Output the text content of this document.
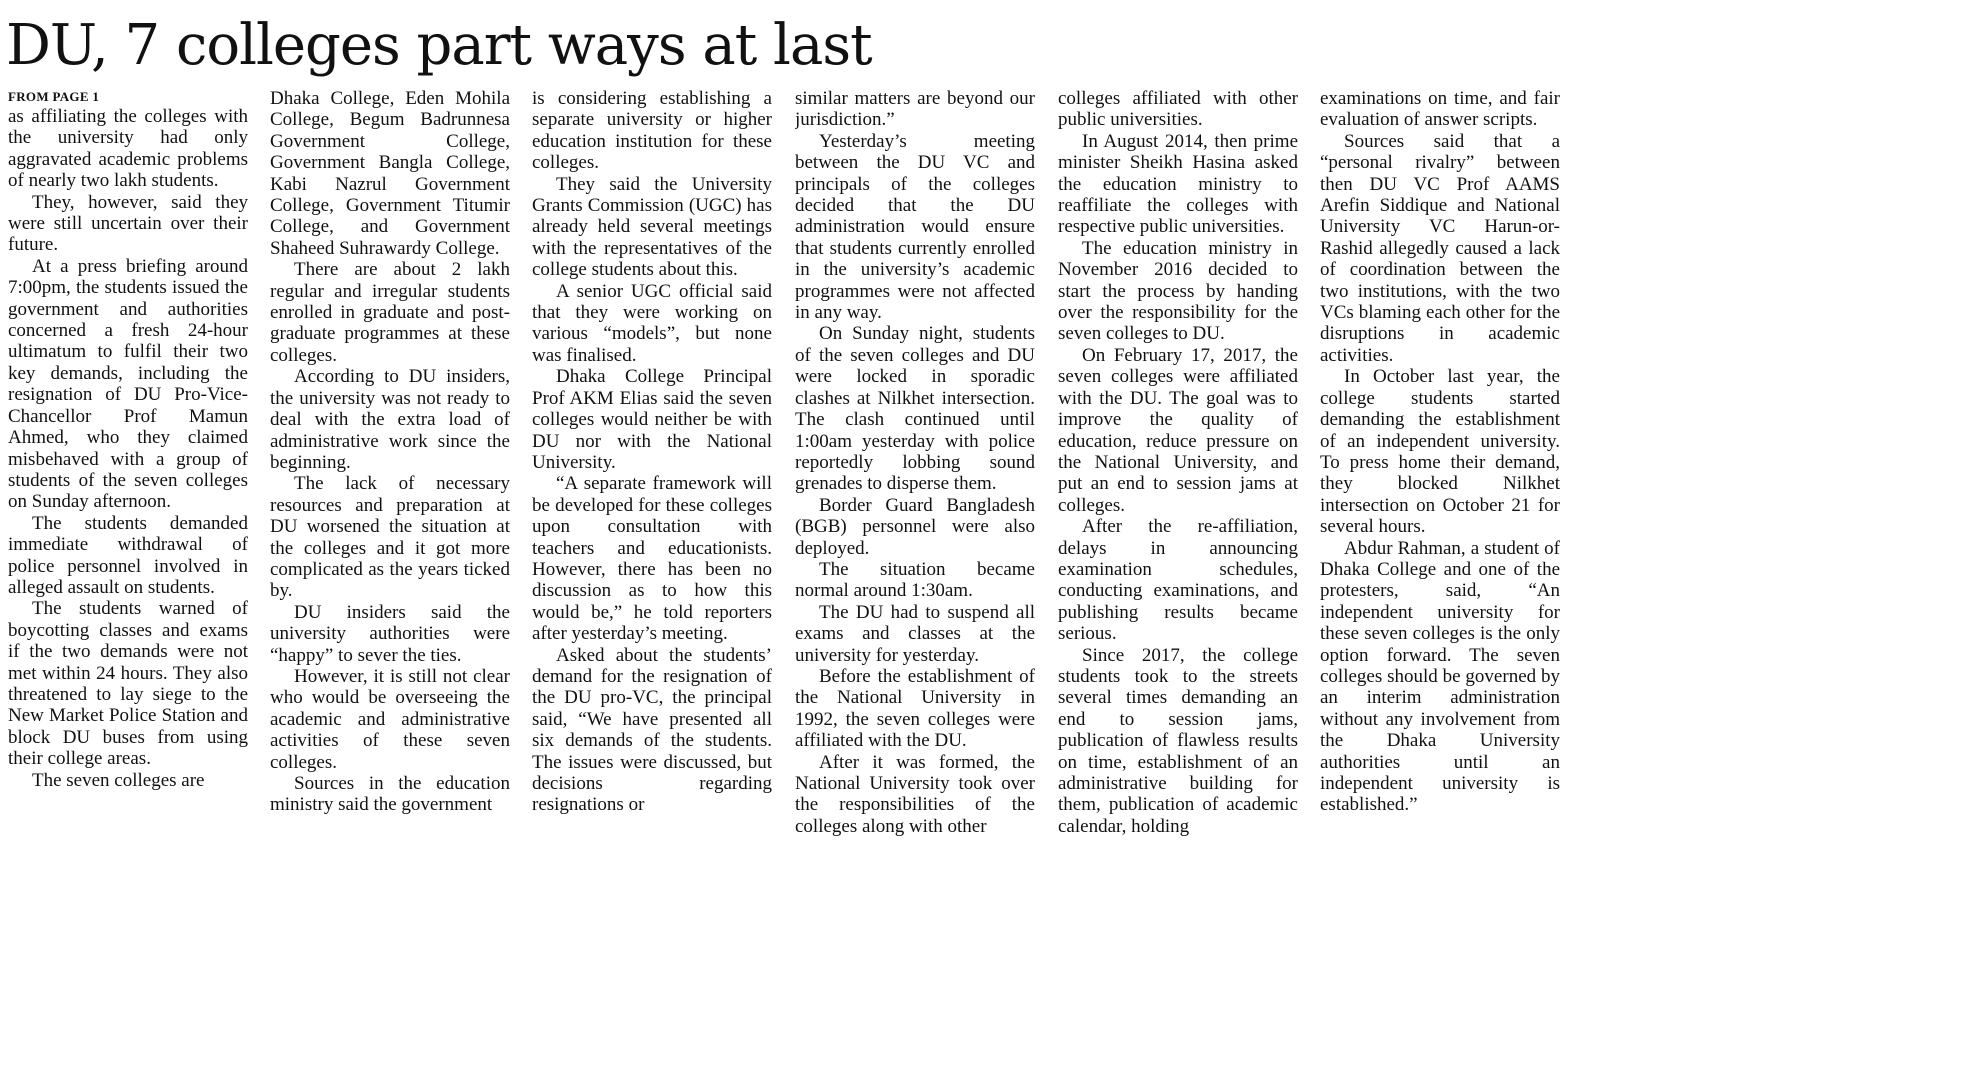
DU, 7 colleges part ways at last
FROM PAGE 1

as affiliating the colleges with the university had only aggravated academic problems of nearly two lakh students.

They, however, said they were still uncertain over their future.

At a press briefing around 7:00pm, the students issued the government and authorities concerned a fresh 24-hour ultimatum to fulfil their two key demands, including the resignation of DU Pro-Vice-Chancellor Prof Mamun Ahmed, who they claimed misbehaved with a group of students of the seven colleges on Sunday afternoon.

The students demanded immediate withdrawal of police personnel involved in alleged assault on students.

The students warned of boycotting classes and exams if the two demands were not met within 24 hours. They also threatened to lay siege to the New Market Police Station and block DU buses from using their college areas.

The seven colleges are

Dhaka College, Eden Mohila College, Begum Badrunnesa Government College, Government Bangla College, Kabi Nazrul Government College, Government Titumir College, and Government Shaheed Suhrawardy College.

There are about 2 lakh regular and irregular students enrolled in graduate and post-graduate programmes at these colleges.

According to DU insiders, the university was not ready to deal with the extra load of administrative work since the beginning.

The lack of necessary resources and preparation at DU worsened the situation at the colleges and it got more complicated as the years ticked by.

DU insiders said the university authorities were “happy” to sever the ties.

However, it is still not clear who would be overseeing the academic and administrative activities of these seven colleges.

Sources in the education ministry said the government

is considering establishing a separate university or higher education institution for these colleges.

They said the University Grants Commission (UGC) has already held several meetings with the representatives of the college students about this.

A senior UGC official said that they were working on various “models”, but none was finalised.

Dhaka College Principal Prof AKM Elias said the seven colleges would neither be with DU nor with the National University.

“A separate framework will be developed for these colleges upon consultation with teachers and educationists. However, there has been no discussion as to how this would be,” he told reporters after yesterday’s meeting.

Asked about the students’ demand for the resignation of the DU pro-VC, the principal said, “We have presented all six demands of the students. The issues were discussed, but decisions regarding resignations or

similar matters are beyond our jurisdiction.”

Yesterday’s meeting between the DU VC and principals of the colleges decided that the DU administration would ensure that students currently enrolled in the university’s academic programmes were not affected in any way.

On Sunday night, students of the seven colleges and DU were locked in sporadic clashes at Nilkhet intersection. The clash continued until 1:00am yesterday with police reportedly lobbing sound grenades to disperse them.

Border Guard Bangladesh (BGB) personnel were also deployed.

The situation became normal around 1:30am.

The DU had to suspend all exams and classes at the university for yesterday.

Before the establishment of the National University in 1992, the seven colleges were affiliated with the DU.

After it was formed, the National University took over the responsibilities of the colleges along with other

colleges affiliated with other public universities.

In August 2014, then prime minister Sheikh Hasina asked the education ministry to reaffiliate the colleges with respective public universities.

The education ministry in November 2016 decided to start the process by handing over the responsibility for the seven colleges to DU.

On February 17, 2017, the seven colleges were affiliated with the DU. The goal was to improve the quality of education, reduce pressure on the National University, and put an end to session jams at colleges.

After the re-affiliation, delays in announcing examination schedules, conducting examinations, and publishing results became serious.

Since 2017, the college students took to the streets several times demanding an end to session jams, publication of flawless results on time, establishment of an administrative building for them, publication of academic calendar, holding

examinations on time, and fair evaluation of answer scripts.

Sources said that a “personal rivalry” between then DU VC Prof AAMS Arefin Siddique and National University VC Harun-or-Rashid allegedly caused a lack of coordination between the two institutions, with the two VCs blaming each other for the disruptions in academic activities.

In October last year, the college students started demanding the establishment of an independent university. To press home their demand, they blocked Nilkhet intersection on October 21 for several hours.

Abdur Rahman, a student of Dhaka College and one of the protesters, said, “An independent university for these seven colleges is the only option forward. The seven colleges should be governed by an interim administration without any involvement from the Dhaka University authorities until an independent university is established.”
